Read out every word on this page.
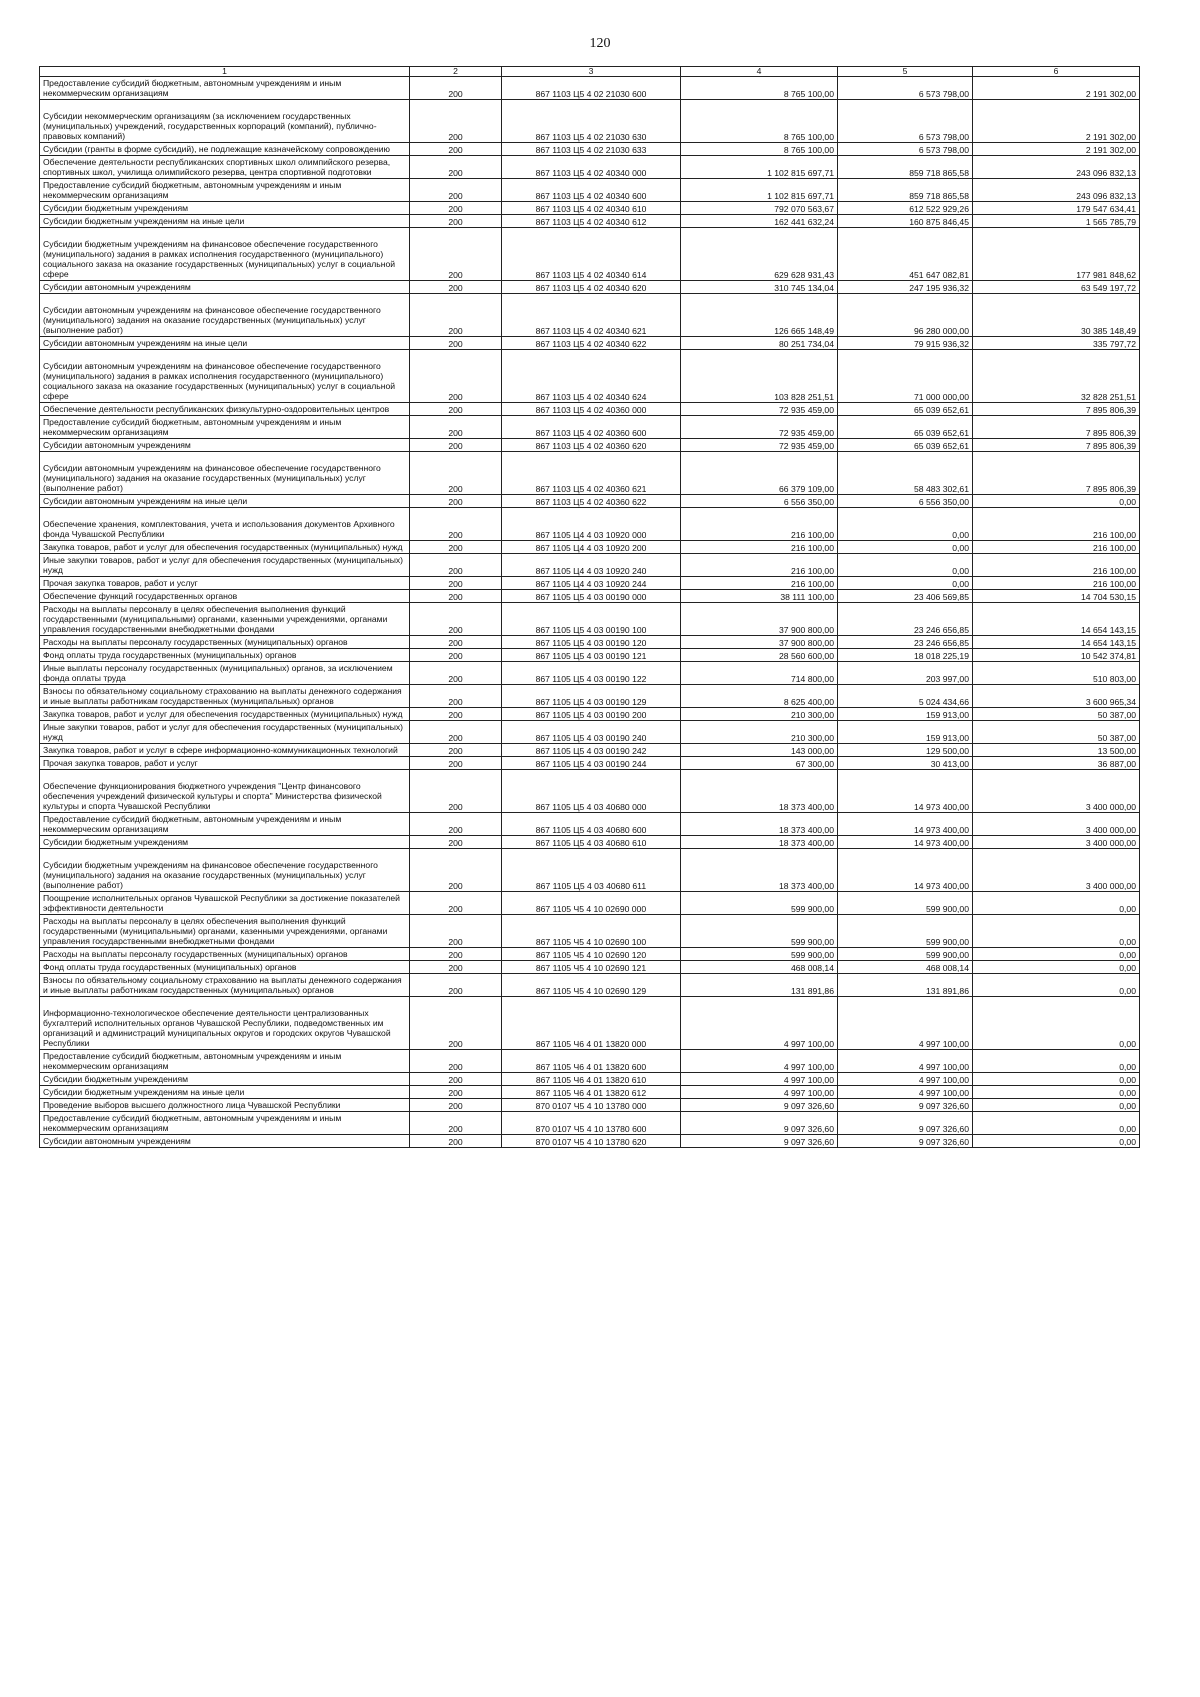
120
1	2	3	4	5	6
Предоставление субсидий бюджетным, автономным учреждениям и иным некоммерческим организациям	200	867 1103 Ц5 4 02 21030 600	8 765 100,00	6 573 798,00	2 191 302,00
Субсидии некоммерческим организациям (за исключением государственных (муниципальных) учреждений, государственных корпораций (компаний), публично-правовых компаний)	200	867 1103 Ц5 4 02 21030 630	8 765 100,00	6 573 798,00	2 191 302,00
Субсидии (гранты в форме субсидий), не подлежащие казначейскому сопровождению	200	867 1103 Ц5 4 02 21030 633	8 765 100,00	6 573 798,00	2 191 302,00
Обеспечение деятельности республиканских спортивных школ олимпийского резерва, спортивных школ, училища олимпийского резерва, центра спортивной подготовки	200	867 1103 Ц5 4 02 40340 000	1 102 815 697,71	859 718 865,58	243 096 832,13
Предоставление субсидий бюджетным, автономным учреждениям и иным некоммерческим организациям	200	867 1103 Ц5 4 02 40340 600	1 102 815 697,71	859 718 865,58	243 096 832,13
Субсидии бюджетным учреждениям	200	867 1103 Ц5 4 02 40340 610	792 070 563,67	612 522 929,26	179 547 634,41
Субсидии бюджетным учреждениям на иные цели	200	867 1103 Ц5 4 02 40340 612	162 441 632,24	160 875 846,45	1 565 785,79
Субсидии бюджетным учреждениям на финансовое обеспечение государственного (муниципального) задания в рамках исполнения государственного (муниципального) социального заказа на оказание государственных (муниципальных) услуг в социальной сфере	200	867 1103 Ц5 4 02 40340 614	629 628 931,43	451 647 082,81	177 981 848,62
Субсидии автономным учреждениям	200	867 1103 Ц5 4 02 40340 620	310 745 134,04	247 195 936,32	63 549 197,72
Субсидии автономным учреждениям на финансовое обеспечение государственного (муниципального) задания на оказание государственных (муниципальных) услуг (выполнение работ)	200	867 1103 Ц5 4 02 40340 621	126 665 148,49	96 280 000,00	30 385 148,49
Субсидии автономным учреждениям на иные цели	200	867 1103 Ц5 4 02 40340 622	80 251 734,04	79 915 936,32	335 797,72
Субсидии автономным учреждениям на финансовое обеспечение государственного (муниципального) задания в рамках исполнения государственного (муниципального) социального заказа на оказание государственных (муниципальных) услуг в социальной сфере	200	867 1103 Ц5 4 02 40340 624	103 828 251,51	71 000 000,00	32 828 251,51
Обеспечение деятельности республиканских физкультурно-оздоровительных центров	200	867 1103 Ц5 4 02 40360 000	72 935 459,00	65 039 652,61	7 895 806,39
Предоставление субсидий бюджетным, автономным учреждениям и иным некоммерческим организациям	200	867 1103 Ц5 4 02 40360 600	72 935 459,00	65 039 652,61	7 895 806,39
Субсидии автономным учреждениям	200	867 1103 Ц5 4 02 40360 620	72 935 459,00	65 039 652,61	7 895 806,39
Субсидии автономным учреждениям на финансовое обеспечение государственного (муниципального) задания на оказание государственных (муниципальных) услуг (выполнение работ)	200	867 1103 Ц5 4 02 40360 621	66 379 109,00	58 483 302,61	7 895 806,39
Субсидии автономным учреждениям на иные цели	200	867 1103 Ц5 4 02 40360 622	6 556 350,00	6 556 350,00	0,00
Обеспечение хранения, комплектования, учета и использования документов Архивного фонда Чувашской Республики	200	867 1105 Ц4 4 03 10920 000	216 100,00	0,00	216 100,00
Закупка товаров, работ и услуг для обеспечения государственных (муниципальных) нужд	200	867 1105 Ц4 4 03 10920 200	216 100,00	0,00	216 100,00
Иные закупки товаров, работ и услуг для обеспечения государственных (муниципальных) нужд	200	867 1105 Ц4 4 03 10920 240	216 100,00	0,00	216 100,00
Прочая закупка товаров, работ и услуг	200	867 1105 Ц4 4 03 10920 244	216 100,00	0,00	216 100,00
Обеспечение функций государственных органов	200	867 1105 Ц5 4 03 00190 000	38 111 100,00	23 406 569,85	14 704 530,15
Расходы на выплаты персоналу в целях обеспечения выполнения функций государственными (муниципальными) органами, казенными учреждениями, органами управления государственными внебюджетными фондами	200	867 1105 Ц5 4 03 00190 100	37 900 800,00	23 246 656,85	14 654 143,15
Расходы на выплаты персоналу государственных (муниципальных) органов	200	867 1105 Ц5 4 03 00190 120	37 900 800,00	23 246 656,85	14 654 143,15
Фонд оплаты труда государственных (муниципальных) органов	200	867 1105 Ц5 4 03 00190 121	28 560 600,00	18 018 225,19	10 542 374,81
Иные выплаты персоналу государственных (муниципальных) органов, за исключением фонда оплаты труда	200	867 1105 Ц5 4 03 00190 122	714 800,00	203 997,00	510 803,00
Взносы по обязательному социальному страхованию на выплаты денежного содержания и иные выплаты работникам государственных (муниципальных) органов	200	867 1105 Ц5 4 03 00190 129	8 625 400,00	5 024 434,66	3 600 965,34
Закупка товаров, работ и услуг для обеспечения государственных (муниципальных) нужд	200	867 1105 Ц5 4 03 00190 200	210 300,00	159 913,00	50 387,00
Иные закупки товаров, работ и услуг для обеспечения государственных (муниципальных) нужд	200	867 1105 Ц5 4 03 00190 240	210 300,00	159 913,00	50 387,00
Закупка товаров, работ и услуг в сфере информационно-коммуникационных технологий	200	867 1105 Ц5 4 03 00190 242	143 000,00	129 500,00	13 500,00
Прочая закупка товаров, работ и услуг	200	867 1105 Ц5 4 03 00190 244	67 300,00	30 413,00	36 887,00
Обеспечение функционирования бюджетного учреждения "Центр финансового обеспечения учреждений физической культуры и спорта" Министерства физической культуры и спорта Чувашской Республики	200	867 1105 Ц5 4 03 40680 000	18 373 400,00	14 973 400,00	3 400 000,00
Предоставление субсидий бюджетным, автономным учреждениям и иным некоммерческим организациям	200	867 1105 Ц5 4 03 40680 600	18 373 400,00	14 973 400,00	3 400 000,00
Субсидии бюджетным учреждениям	200	867 1105 Ц5 4 03 40680 610	18 373 400,00	14 973 400,00	3 400 000,00
Субсидии бюджетным учреждениям на финансовое обеспечение государственного (муниципального) задания на оказание государственных (муниципальных) услуг (выполнение работ)	200	867 1105 Ц5 4 03 40680 611	18 373 400,00	14 973 400,00	3 400 000,00
Поощрение исполнительных органов Чувашской Республики за достижение показателей эффективности деятельности	200	867 1105 Ч5 4 10 02690 000	599 900,00	599 900,00	0,00
Расходы на выплаты персоналу в целях обеспечения выполнения функций государственными (муниципальными) органами, казенными учреждениями, органами управления государственными внебюджетными фондами	200	867 1105 Ч5 4 10 02690 100	599 900,00	599 900,00	0,00
Расходы на выплаты персоналу государственных (муниципальных) органов	200	867 1105 Ч5 4 10 02690 120	599 900,00	599 900,00	0,00
Фонд оплаты труда государственных (муниципальных) органов	200	867 1105 Ч5 4 10 02690 121	468 008,14	468 008,14	0,00
Взносы по обязательному социальному страхованию на выплаты денежного содержания и иные выплаты работникам государственных (муниципальных) органов	200	867 1105 Ч5 4 10 02690 129	131 891,86	131 891,86	0,00
Информационно-технологическое обеспечение деятельности централизованных бухгалтерий исполнительных органов Чувашской Республики, подведомственных им организаций и администраций муниципальных округов и городских округов Чувашской Республики	200	867 1105 Ч6 4 01 13820 000	4 997 100,00	4 997 100,00	0,00
Предоставление субсидий бюджетным, автономным учреждениям и иным некоммерческим организациям	200	867 1105 Ч6 4 01 13820 600	4 997 100,00	4 997 100,00	0,00
Субсидии бюджетным учреждениям	200	867 1105 Ч6 4 01 13820 610	4 997 100,00	4 997 100,00	0,00
Субсидии бюджетным учреждениям на иные цели	200	867 1105 Ч6 4 01 13820 612	4 997 100,00	4 997 100,00	0,00
Проведение выборов высшего должностного лица Чувашской Республики	200	870 0107 Ч5 4 10 13780 000	9 097 326,60	9 097 326,60	0,00
Предоставление субсидий бюджетным, автономным учреждениям и иным некоммерческим организациям	200	870 0107 Ч5 4 10 13780 600	9 097 326,60	9 097 326,60	0,00
Субсидии автономным учреждениям	200	870 0107 Ч5 4 10 13780 620	9 097 326,60	9 097 326,60	0,00
